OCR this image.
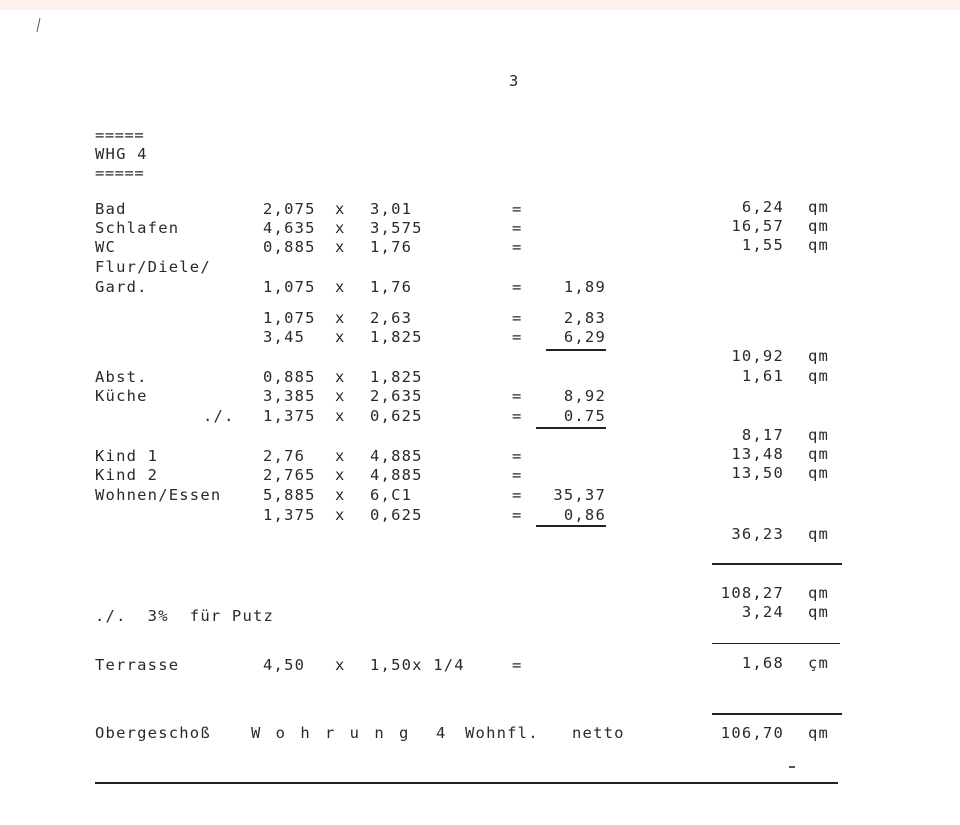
3
=====
WHG 4
=====
Bad	2,075 x 3,01	=	6,24 qm
Schlafen	4,635 x 3,575	=	16,57 qm
WC	0,885 x 1,76	=	1,55 qm
Flur/Diele/
Gard.	1,075 x 1,76	=	1,89
1,075 x 2,63	=	2,83
3,45 x 1,825	=	6,29
10,92 qm
Abst.	0,885 x 1,825	1,61 qm
Küche	3,385 x 2,635	=	8,92
./. 1,375 x 0,625	=	0.75
8,17 qm
Kind 1	2,76 x 4,885	=	13,48 qm
Kind 2	2,765 x 4,885	=	13,50 qm
Wohnen/Essen	5,885 x 6,C1	=	35,37
1,375 x 0,625	=	0,86
36,23 qm
108,27 qm
./.  3%  für Putz	3,24 qm
Terrasse	4,50 x 1,50x 1/4	=	1,68 çm
Obergeschoß	W o h r u n g  4 Wohnfl. netto	106,70 qm
